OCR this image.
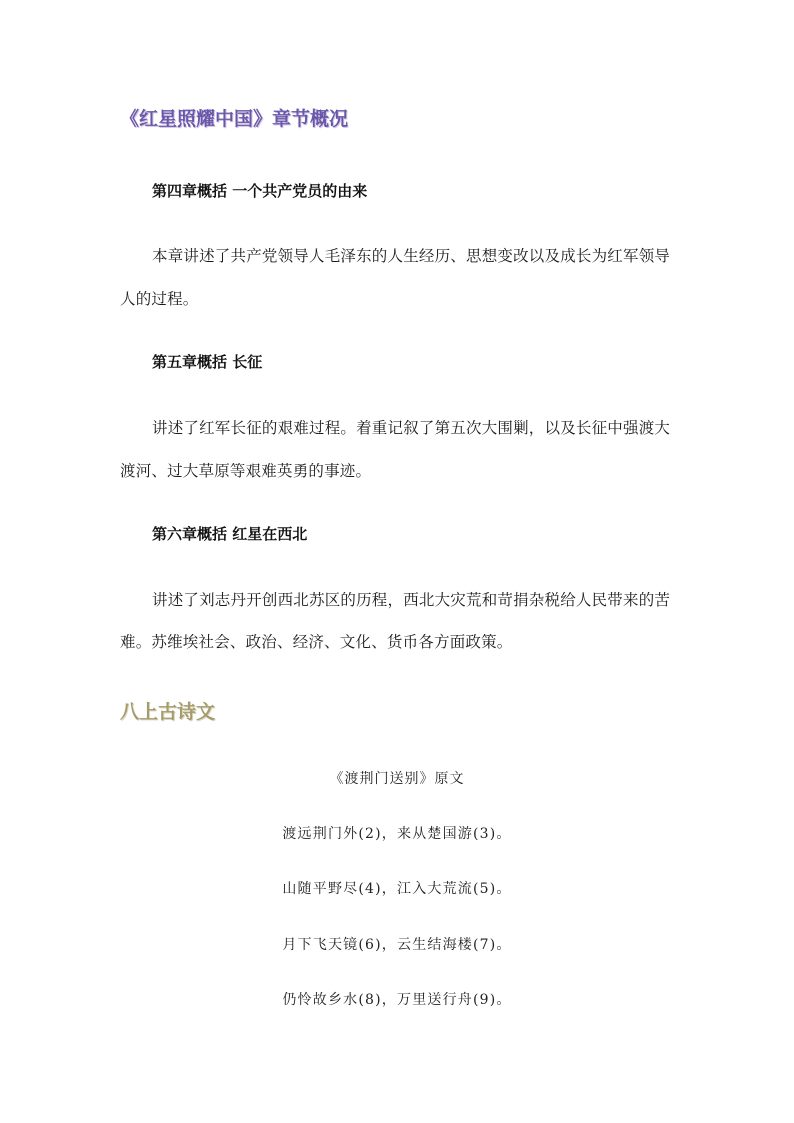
《红星照耀中国》章节概况
第四章概括 一个共产党员的由来
本章讲述了共产党领导人毛泽东的人生经历、思想变改以及成长为红军领导
人的过程。
第五章概括 长征
讲述了红军长征的艰难过程。着重记叙了第五次大围剿，以及长征中强渡大
渡河、过大草原等艰难英勇的事迹。
第六章概括 红星在西北
讲述了刘志丹开创西北苏区的历程，西北大灾荒和苛捐杂税给人民带来的苦
难。苏维埃社会、政治、经济、文化、货币各方面政策。
八上古诗文
《渡荆门送别》原文
渡远荆门外(2)，来从楚国游(3)。
山随平野尽(4)，江入大荒流(5)。
月下飞天镜(6)，云生结海楼(7)。
仍怜故乡水(8)，万里送行舟(9)。
